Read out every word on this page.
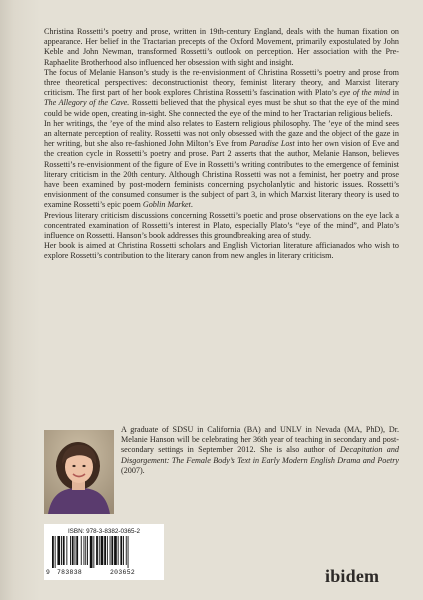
Christina Rossetti’s poetry and prose, written in 19th-century England, deals with the human fixation on appearance. Her belief in the Tractarian precepts of the Oxford Movement, primarily expostulated by John Keble and John Newman, transformed Rossetti’s outlook on perception. Her association with the Pre-Raphaelite Brotherhood also influenced her obsession with sight and insight.

The focus of Melanie Hanson’s study is the re-envisionment of Christina Rossetti’s poetry and prose from three theoretical perspectives: deconstructionist theory, feminist literary theory, and Marxist literary criticism. The first part of her book explores Christina Rossetti’s fascination with Plato’s eye of the mind in The Allegory of the Cave. Rossetti believed that the physical eyes must be shut so that the eye of the mind could be wide open, creating in-sight. She connected the eye of the mind to her Tractarian religious beliefs.

In her writings, the ’eye of the mind also relates to Eastern religious philosophy. The ’eye of the mind sees an alternate perception of reality. Rossetti was not only obsessed with the gaze and the object of the gaze in her writing, but she also re-fashioned John Milton’s Eve from Paradise Lost into her own vision of Eve and the creation cycle in Rossetti’s poetry and prose. Part 2 asserts that the author, Melanie Hanson, believes Rossetti’s re-envisionment of the figure of Eve in Rossetti’s writing contributes to the emergence of feminist literary criticism in the 20th century. Although Christina Rossetti was not a feminist, her poetry and prose have been examined by post-modern feminists concerning psycholanlytic and historic issues. Rossetti’s envisionment of the consumed consumer is the subject of part 3, in which Marxist literary theory is used to examine Rossetti’s epic poem Goblin Market.

Previous literary criticism discussions concerning Rossetti’s poetic and prose observations on the eye lack a concentrated examination of Rossetti’s interest in Plato, especially Plato’s “eye of the mind”, and Plato’s influence on Rossetti. Hanson’s book addresses this groundbreaking area of study.

Her book is aimed at Christina Rossetti scholars and English Victorian literature afficianados who wish to explore Rossetti’s contribution to the literary canon from new angles in literary criticism.

A graduate of SDSU in California (BA) and UNLV in Nevada (MA, PhD), Dr. Melanie Hanson will be celebrating her 36th year of teaching in secondary and post-secondary settings in September 2012. She is also author of Decapitation and Disgorgement: The Female Body’s Text in Early Modern English Drama and Poetry (2007).
ISBN: 978-3-8382-0365-2
9 783838	203652	ibidem
